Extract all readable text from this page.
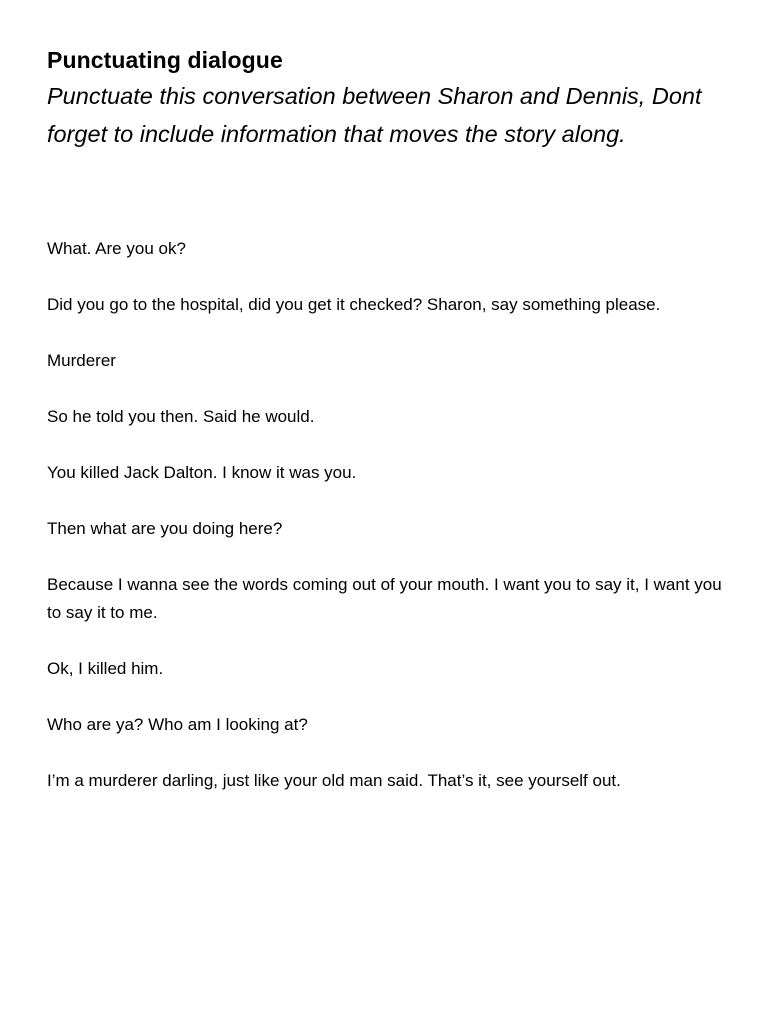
Punctuating dialogue

Punctuate this conversation between Sharon and Dennis, Dont forget to include information that moves the story along.

What. Are you ok?

Did you go to the hospital, did you get it checked? Sharon, say something please.

Murderer

So he told you then. Said he would.

You killed Jack Dalton. I know it was you.

Then what are you doing here?

Because I wanna see the words coming out of your mouth. I want you to say it, I want you to say it to me.

Ok, I killed him.

Who are ya? Who am I looking at?

I’m a murderer darling, just like your old man said. That’s it, see yourself out.
